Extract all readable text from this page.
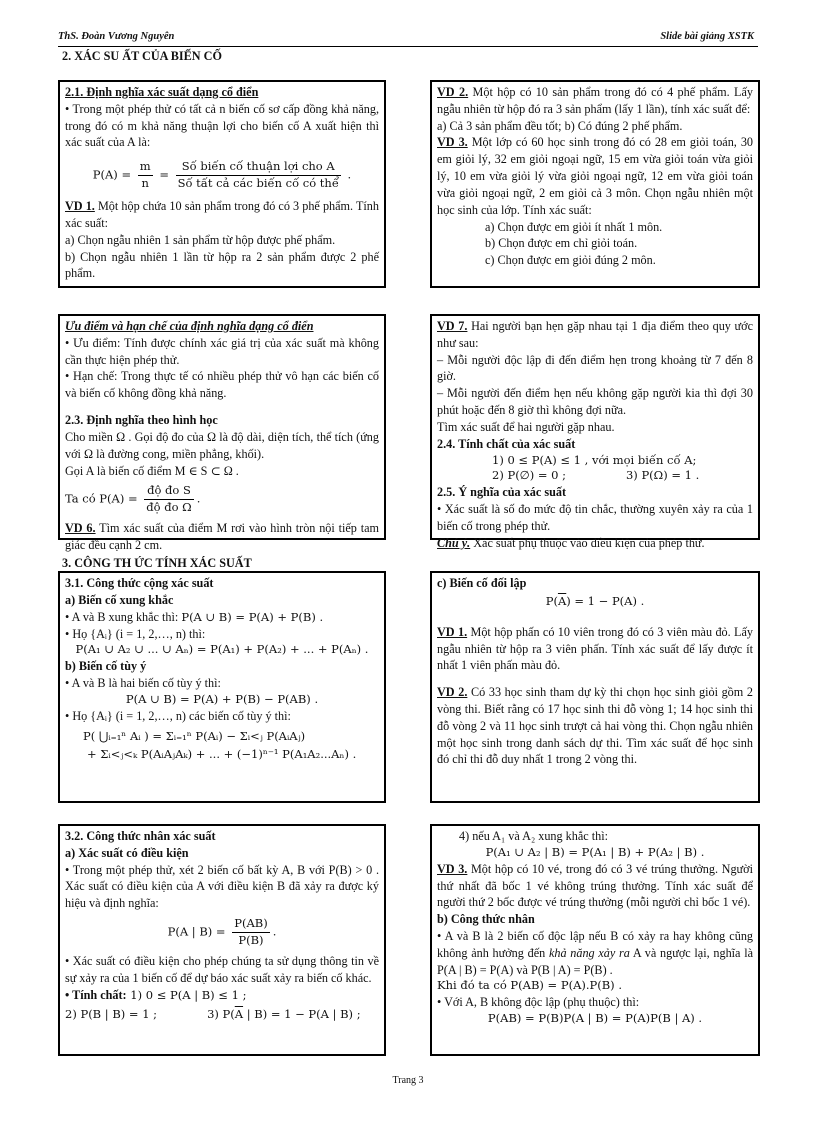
ThS. Đoàn Vương Nguyên	Slide bài giảng XSTK
2. XÁC SU ẤT CỦA BIẾN CỐ

2.1. Định nghĩa xác suất dạng cổ điển

• Trong một phép thử có tất cả n biến cố sơ cấp đồng khả năng, trong đó có m khả năng thuận lợi cho biến cố A xuất hiện thì xác suất của A là:

$P(A) = \frac{m}{n} = \frac{\text{Số biến cố thuận lợi cho A}}{\text{Số tất cả các biến cố có thể}}$ .

VD 1. Một hộp chứa 10 sản phẩm trong đó có 3 phế phẩm. Tính xác suất:

a) Chọn ngẫu nhiên 1 sản phẩm từ hộp được phế phẩm.

b) Chọn ngẫu nhiên 1 lần từ hộp ra 2 sản phẩm được 2 phế phẩm.

VD 2. Một hộp có 10 sản phẩm trong đó có 4 phế phẩm. Lấy ngẫu nhiên từ hộp đó ra 3 sản phẩm (lấy 1 lần), tính xác suất để:

a) Cả 3 sản phẩm đều tốt; b) Có đúng 2 phế phẩm.

VD 3. Một lớp có 60 học sinh trong đó có 28 em giỏi toán, 30 em giỏi lý, 32 em giỏi ngoại ngữ, 15 em vừa giỏi toán vừa giỏi lý, 10 em vừa giỏi lý vừa giỏi ngoại ngữ, 12 em vừa giỏi toán vừa giỏi ngoại ngữ, 2 em giỏi cả 3 môn. Chọn ngẫu nhiên một học sinh của lớp. Tính xác suất:

a) Chọn được em giỏi ít nhất 1 môn.

b) Chọn được em chỉ giỏi toán.

c) Chọn được em giỏi đúng 2 môn.

Ưu điểm và hạn chế của định nghĩa dạng cổ điển

• Ưu điểm: Tính được chính xác giá trị của xác suất mà không cần thực hiện phép thử.

• Hạn chế: Trong thực tế có nhiều phép thử vô hạn các biến cố và biến cố không đồng khả năng.

2.3. Định nghĩa theo hình học

Cho miền Ω . Gọi độ đo của Ω là độ dài, diện tích, thể tích (ứng với Ω là đường cong, miền phẳng, khối).

Gọi A là biến cố điểm M ∈ S ⊂ Ω .

Ta có $P(A) = \frac{\text{độ đo S}}{\text{độ đo Ω}}$ .

VD 6. Tìm xác suất của điểm M rơi vào hình tròn nội tiếp tam giác đều cạnh 2 cm.

VD 7. Hai người bạn hẹn gặp nhau tại 1 địa điểm theo quy ước như sau:

– Mỗi người độc lập đi đến điểm hẹn trong khoảng từ 7 đến 8 giờ.

– Mỗi người đến điểm hẹn nếu không gặp người kia thì đợi 30 phút hoặc đến 8 giờ thì không đợi nữa.

Tìm xác suất để hai người gặp nhau.

2.4. Tính chất của xác suất

1) 0 ≤ P(A) ≤ 1 , với mọi biến cố A;

2) P(∅) = 0 ;	3) P(Ω) = 1 .

2.5. Ý nghĩa của xác suất

• Xác suất là số đo mức độ tin chắc, thường xuyên xảy ra của 1 biến cố trong phép thử.

Chú ý. Xác suất phụ thuộc vào điều kiện của phép thử.

3. CÔNG TH ỨC TÍNH XÁC SUẤT

3.1. Công thức cộng xác suất

a) Biến cố xung khắc

• A và B xung khắc thì: P(A ∪ B) = P(A) + P(B) .

• Họ {Aᵢ} (i = 1, 2,…, n) thì:

P(A₁ ∪ A₂ ∪ ... ∪ Aₙ) = P(A₁) + P(A₂) + ... + P(Aₙ) .

b) Biến cố tùy ý

• A và B là hai biến cố tùy ý thì:

P(A ∪ B) = P(A) + P(B) − P(AB) .

• Họ {Aᵢ} (i = 1, 2,…, n) các biến cố tùy ý thì:

P( ⋃ᵢ₌₁ⁿ Aᵢ ) = Σᵢ₌₁ⁿ P(Aᵢ) − Σᵢ<ⱼ P(AᵢAⱼ)

+ Σᵢ<ⱼ<ₖ P(AᵢAⱼAₖ) + ... + (−1)ⁿ⁻¹ P(A₁A₂...Aₙ) .

c) Biến cố đối lập

$P(\overline{A}) = 1 - P(A)$ .

VD 1. Một hộp phấn có 10 viên trong đó có 3 viên màu đỏ. Lấy ngẫu nhiên từ hộp ra 3 viên phấn. Tính xác suất để lấy được ít nhất 1 viên phấn màu đỏ.

VD 2. Có 33 học sinh tham dự kỳ thi chọn học sinh giỏi gồm 2 vòng thi. Biết rằng có 17 học sinh thi đỗ vòng 1; 14 học sinh thi đỗ vòng 2 và 11 học sinh trượt cả hai vòng thi. Chọn ngẫu nhiên một học sinh trong danh sách dự thi. Tìm xác suất để học sinh đó chỉ thi đỗ duy nhất 1 trong 2 vòng thi.

3.2. Công thức nhân xác suất

a) Xác suất có điều kiện

• Trong một phép thử, xét 2 biến cố bất kỳ A, B với P(B) > 0 . Xác suất có điều kiện của A với điều kiện B đã xảy ra được ký hiệu và định nghĩa:

P(A | $B) = \frac{P(AB)}{P(B)}$ .

• Xác suất có điều kiện cho phép chúng ta sử dụng thông tin về sự xảy ra của 1 biến cố để dự báo xác suất xảy ra biến cố khác.

• Tính chất: 1) 0 ≤ P(A | B) ≤ 1 ;

2) P(B | B) = 1 ;	3) $P(\overline{A}$ | B) = 1 − P(A | B) ;

4) nếu A₁ và A₂ xung khắc thì:

P(A₁ ∪ A₂ | B) = P(A₁ | B) + P(A₂ | B) .

VD 3. Một hộp có 10 vé, trong đó có 3 vé trúng thưởng. Người thứ nhất đã bốc 1 vé không trúng thưởng. Tính xác suất để người thứ 2 bốc được vé trúng thưởng (mỗi người chỉ bốc 1 vé).

b) Công thức nhân

• A và B là 2 biến cố độc lập nếu B có xảy ra hay không cũng không ảnh hưởng đến khả năng xảy ra A và ngược lại, nghĩa là P(A | B) = P(A) và P(B | A) = P(B) .

Khi đó ta có P(AB) = P(A).P(B) .

• Với A, B không độc lập (phụ thuộc) thì:

P(AB) = P(B)P(A | B) = P(A)P(B | A) .

Trang 3
